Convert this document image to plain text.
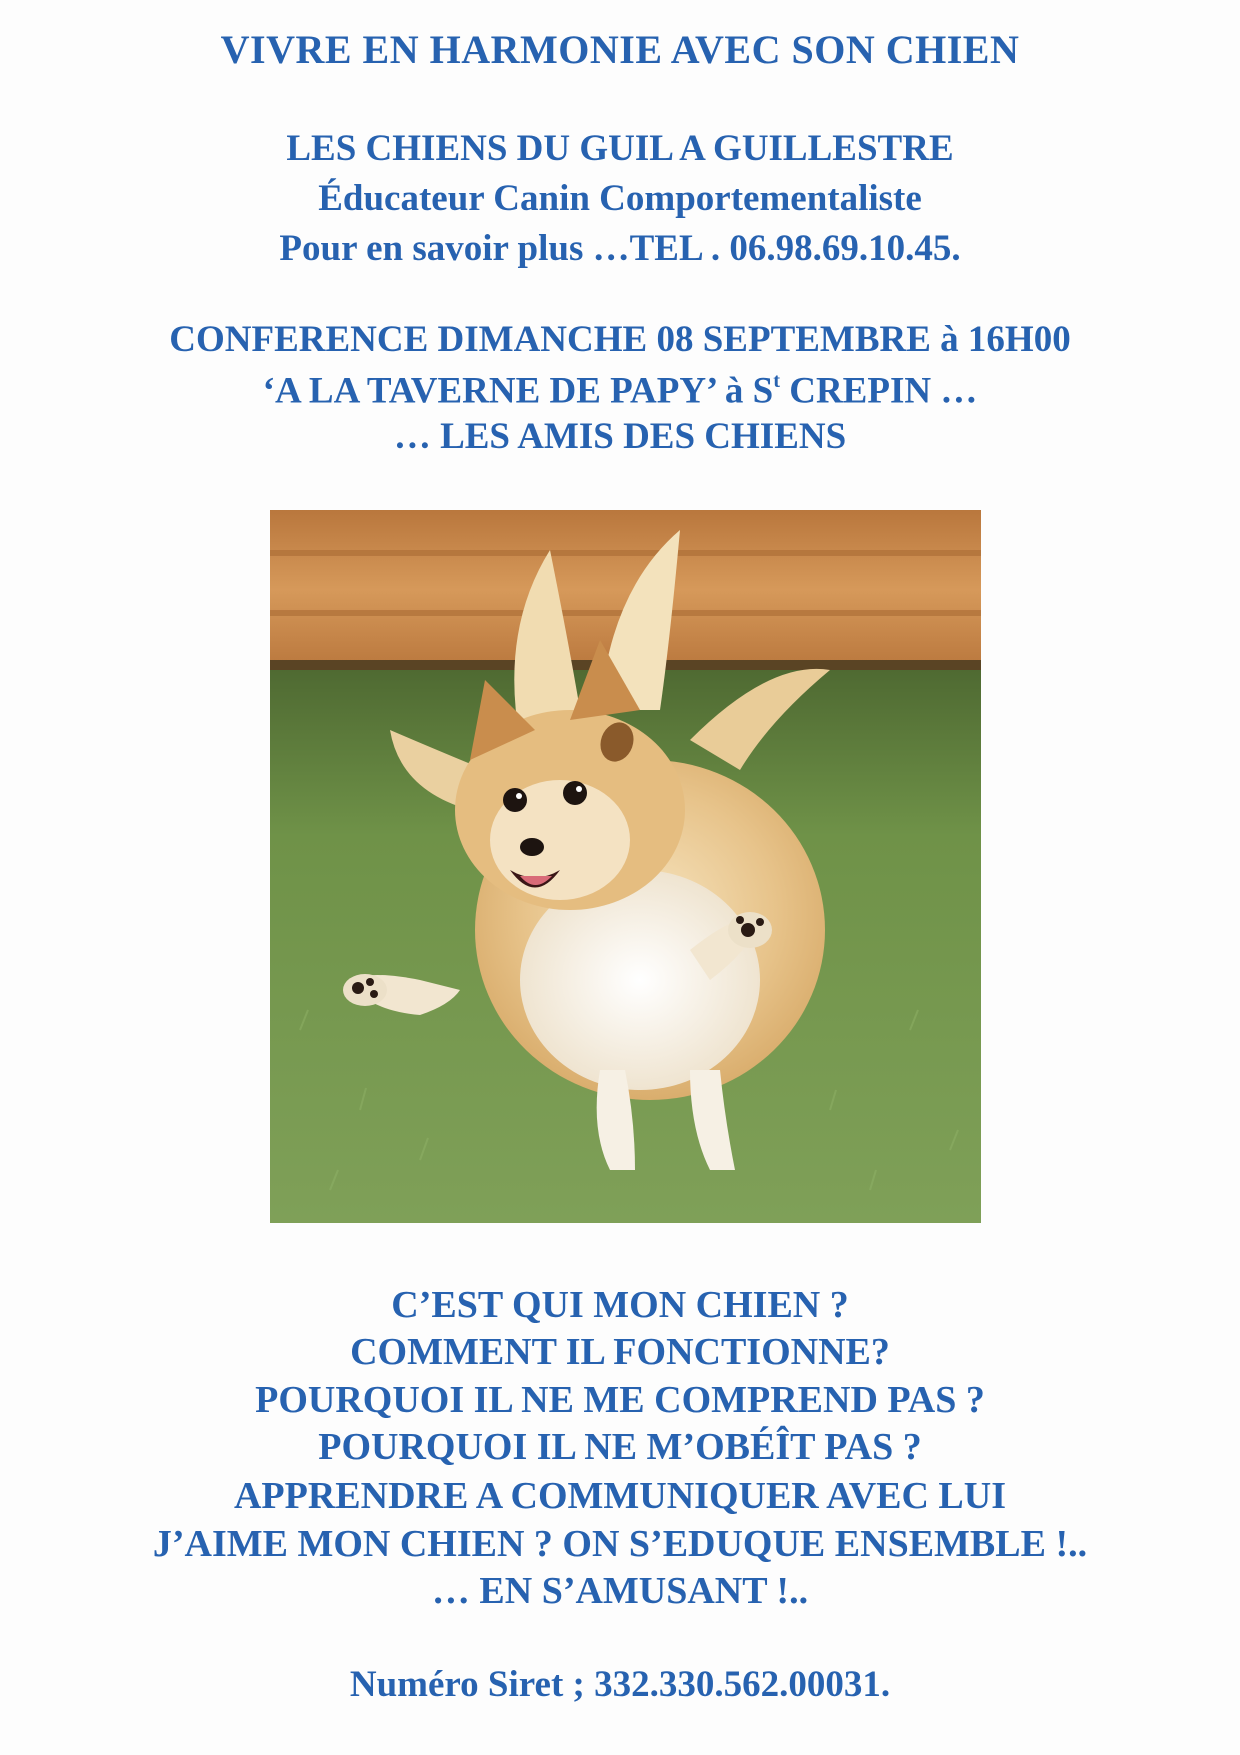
VIVRE EN HARMONIE AVEC SON CHIEN
LES CHIENS DU GUIL A GUILLESTRE
Éducateur Canin Comportementaliste
Pour en savoir plus …TEL . 06.98.69.10.45.
CONFERENCE DIMANCHE 08 SEPTEMBRE à 16H00
‘A LA TAVERNE DE PAPY’ à $S^t$ CREPIN …
… LES AMIS DES CHIENS
C’EST QUI MON CHIEN ?
COMMENT IL FONCTIONNE?
POURQUOI IL NE ME COMPREND PAS ?
POURQUOI IL NE M’OBÉÎT PAS ?
APPRENDRE A COMMUNIQUER AVEC LUI
J’AIME MON CHIEN ? ON S’EDUQUE ENSEMBLE !..
… EN S’AMUSANT !..
Numéro Siret ; 332.330.562.00031.
